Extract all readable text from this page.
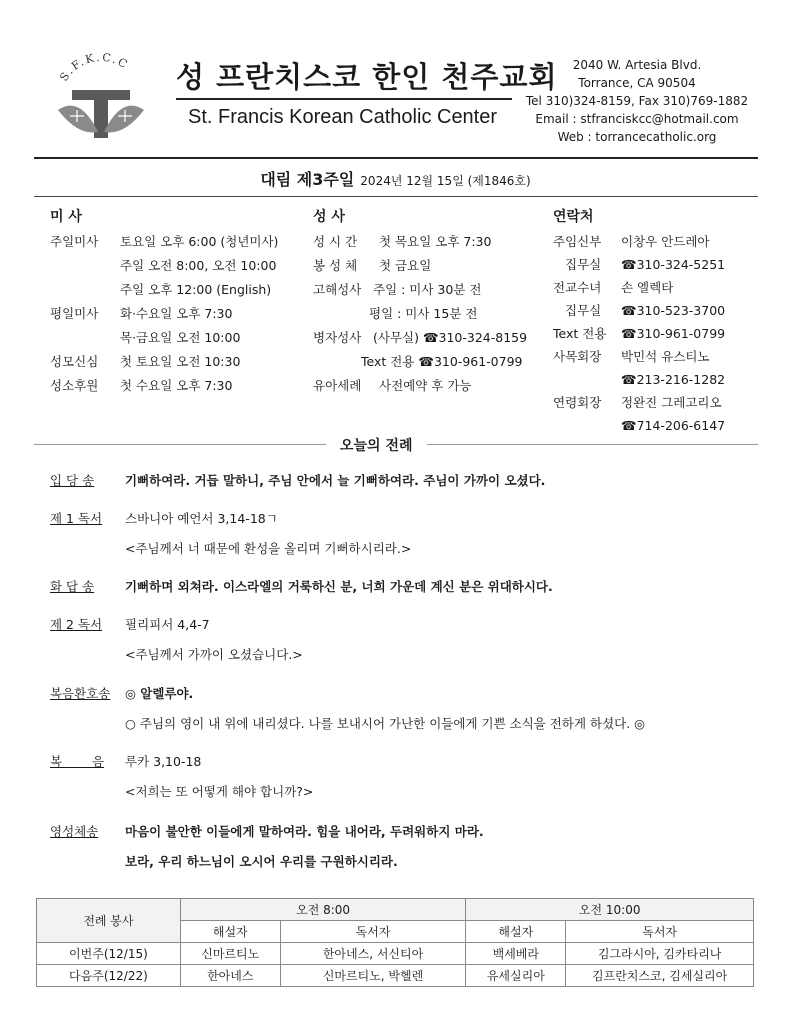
S.F.K.C.C 성 프란치스코 한인 천주교회
St. Francis Korean Catholic Center
2040 W. Artesia Blvd.
Torrance, CA 90504
Tel 310)324-8159, Fax 310)769-1882
Email : stfranciskcc@hotmail.com
Web : torrancecatholic.org
대림 제3주일 2024년 12월 15일 (제1846호)
미 사
주일미사 토요일 오후 6:00 (청년미사)
주일 오전 8:00, 오전 10:00
주일 오후 12:00 (English)
평일미사 화·수요일 오후 7:30
목·금요일 오전 10:00
성모신심 첫 토요일 오전 10:30
성소후원 첫 수요일 오후 7:30
성 사
성 시 간 첫 목요일 오후 7:30
봉 성 체 첫 금요일
고해성사 주일 : 미사 30분 전
평일 : 미사 15분 전
병자성사 (사무실) ☎310-324-8159
Text 전용 ☎310-961-0799
유아세례 사전예약 후 가능
연락처
주임신부 이창우 안드레아
집무실 ☎310-324-5251
전교수녀 손 엘렉타
집무실 ☎310-523-3700
Text 전용 ☎310-961-0799
사목회장 박민석 유스티노
☎213-216-1282
연령회장 정완진 그레고리오
☎714-206-6147
오늘의 전례
입 당 송 기뻐하여라. 거듭 말하니, 주님 안에서 늘 기뻐하여라. 주님이 가까이 오셨다.
제 1 독서 스바니아 예언서 3,14-18ㄱ
<주님께서 너 때문에 환성을 올리며 기뻐하시리라.>
화 답 송 기뻐하며 외쳐라. 이스라엘의 거룩하신 분, 너희 가운데 계신 분은 위대하시다.
제 2 독서 필리피서 4,4-7
<주님께서 가까이 오셨습니다.>
복음환호송 ◎ 알렐루야.
○ 주님의 영이 내 위에 내리셨다. 나를 보내시어 가난한 이들에게 기쁜 소식을 전하게 하셨다. ◎
복 음 루카 3,10-18
<저희는 또 어떻게 해야 합니까?>
영성체송 마음이 불안한 이들에게 말하여라. 힘을 내어라, 두려워하지 마라.
보라, 우리 하느님이 오시어 우리를 구원하시리라.
전례 봉사	오전 8:00		오전 10:00	
	해설자	독서자	해설자	독서자
이번주(12/15)	신마르티노	한아네스, 서신티아	백세베라	김그라시아, 김카타리나
다음주(12/22)	한아네스	신마르티노, 박헬렌	유세실리아	김프란치스코, 김세실리아
